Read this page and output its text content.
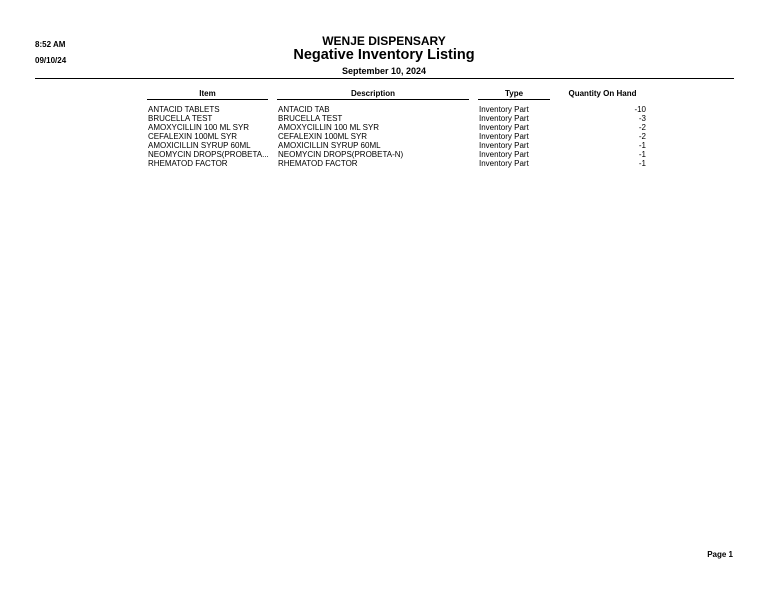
8:52 AM
09/10/24
WENJE DISPENSARY
Negative Inventory Listing
September 10, 2024
Item	Description	Type	Quantity On Hand
ANTACID TABLETS	ANTACID TAB	Inventory Part	-10
BRUCELLA TEST	BRUCELLA TEST	Inventory Part	-3
AMOXYCILLIN 100 ML SYR	AMOXYCILLIN 100 ML SYR	Inventory Part	-2
CEFALEXIN 100ML SYR	CEFALEXIN 100ML SYR	Inventory Part	-2
AMOXICILLIN SYRUP 60ML	AMOXICILLIN SYRUP 60ML	Inventory Part	-1
NEOMYCIN DROPS(PROBETA...	NEOMYCIN DROPS(PROBETA-N)	Inventory Part	-1
RHEMATOD FACTOR	RHEMATOD FACTOR	Inventory Part	-1
Page 1
